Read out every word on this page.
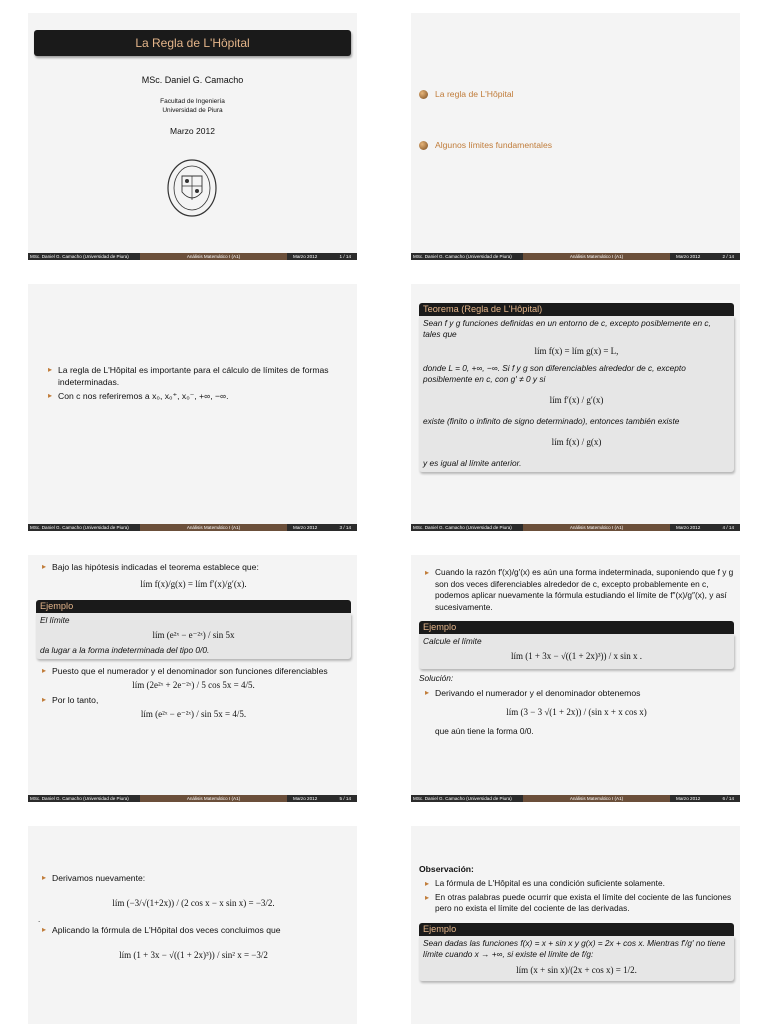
La Regla de L'Hôpital
MSc. Daniel G. Camacho
Facultad de Ingeniería
Universidad de Piura
Marzo 2012
MSc. Daniel G. Camacho (Universidad de Piura)	Análisis Matemático I (A1)	Marzo 2012	1 / 14
La regla de L'Hôpital
Algunos límites fundamentales
MSc. Daniel G. Camacho (Universidad de Piura)	Análisis Matemático I (A1)	Marzo 2012	2 / 14
▸ La regla de L'Hôpital es importante para el cálculo de límites de formas indeterminadas.
▸ Con c nos referiremos a x₀, x₀⁺, x₀⁻, +∞, −∞.
MSc. Daniel G. Camacho (Universidad de Piura)	Análisis Matemático I (A1)	Marzo 2012	3 / 14
Teorema (Regla de L'Hôpital)
Sean f y g funciones definidas en un entorno de c, excepto posiblemente en c, tales que
lím f(x) = lím g(x) = L,
donde L = 0, +∞, −∞. Si f y g son diferenciables alrededor de c, excepto posiblemente en c, con g′ ≠ 0 y si
lím f′(x) / g′(x)
existe (finito o infinito de signo determinado), entonces también existe
lím f(x) / g(x)
y es igual al límite anterior.
MSc. Daniel G. Camacho (Universidad de Piura)	Análisis Matemático I (A1)	Marzo 2012	4 / 14
▸ Bajo las hipótesis indicadas el teorema establece que:
lím f(x)/g(x) = lím f′(x)/g′(x).
Ejemplo
El límite
lím (e²ˣ − e⁻²ˣ) / sin 5x
da lugar a la forma indeterminada del tipo 0/0.
▸ Puesto que el numerador y el denominador son funciones diferenciables
lím (2e²ˣ + 2e⁻²ˣ) / 5 cos 5x = 4/5.
▸ Por lo tanto,
lím (e²ˣ − e⁻²ˣ) / sin 5x = 4/5.
MSc. Daniel G. Camacho (Universidad de Piura)	Análisis Matemático I (A1)	Marzo 2012	5 / 14
▸ Cuando la razón f′(x)/g′(x) es aún una forma indeterminada, suponiendo que f y g son dos veces diferenciables alrededor de c, excepto probablemente en c, podemos aplicar nuevamente la fórmula estudiando el límite de f″(x)/g″(x), y así sucesivamente.
Ejemplo
Calcule el límite
lím (1 + 3x − √((1 + 2x)³)) / x sin x .
Solución:
▸ Derivando el numerador y el denominador obtenemos
lím (3 − 3 √(1 + 2x)) / (sin x + x cos x)
que aún tiene la forma 0/0.
MSc. Daniel G. Camacho (Universidad de Piura)	Análisis Matemático I (A1)	Marzo 2012	6 / 14
▸ Derivamos nuevamente:
lím (−3/√(1+2x)) / (2 cos x − x sin x) = −3/2.
.
▸ Aplicando la fórmula de L'Hôpital dos veces concluimos que
lím (1 + 3x − √((1 + 2x)³)) / sin² x = −3/2
Observación:
▸ La fórmula de L'Hôpital es una condición suficiente solamente.
▸ En otras palabras puede ocurrir que exista el límite del cociente de las funciones pero no exista el límite del cociente de las derivadas.
Ejemplo
Sean dadas las funciones f(x) = x + sin x y g(x) = 2x + cos x. Mientras f′/g′ no tiene límite cuando x → +∞, si existe el límite de f/g:
lím (x + sin x)/(2x + cos x) = 1/2.
